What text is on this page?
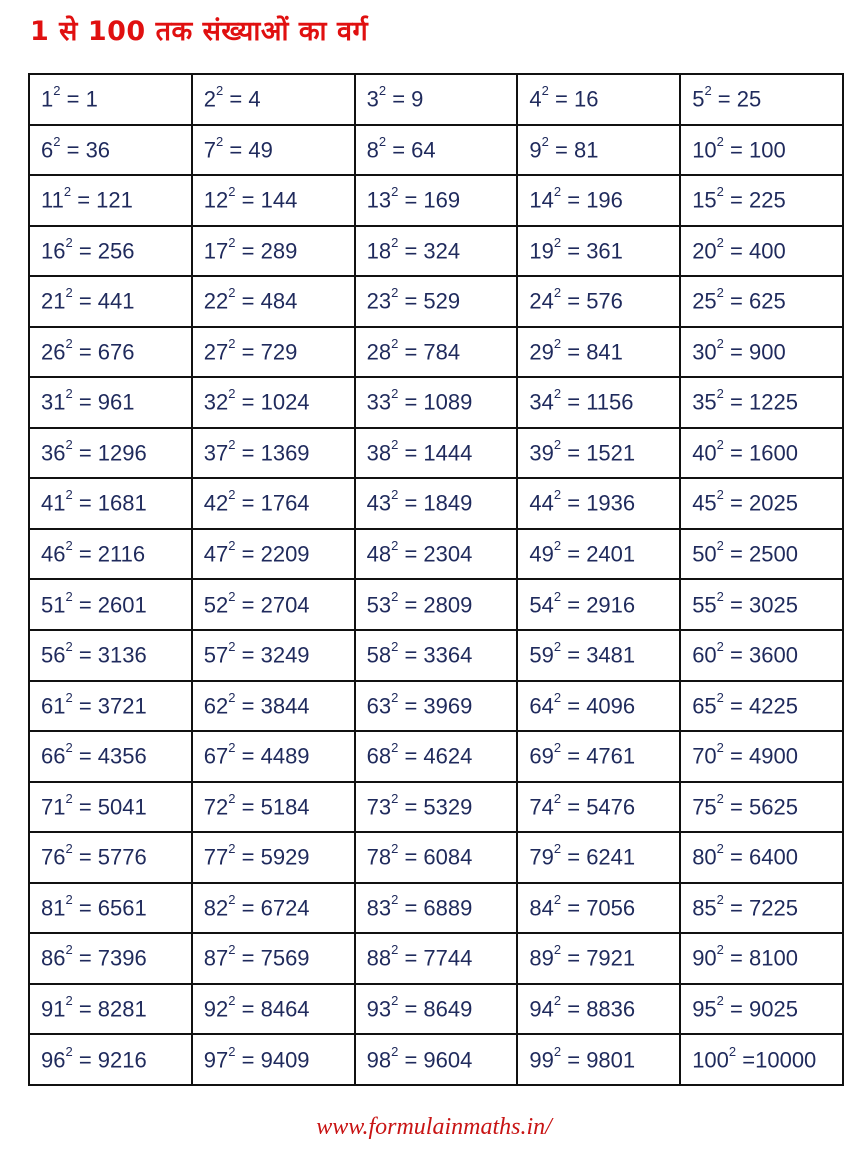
1 से 100 तक संख्याओं का वर्ग
$1^2 = 1$	$2^2 = 4$	$3^2 = 9$	$4^2 = 16$	$5^2 = 25$
$6^2 = 36$	$7^2 = 49$	$8^2 = 64$	$9^2 = 81$	$10^2 = 100$
$11^2 = 121$	$12^2 = 144$	$13^2 = 169$	$14^2 = 196$	$15^2 = 225$
$16^2 = 256$	$17^2 = 289$	$18^2 = 324$	$19^2 = 361$	$20^2 = 400$
$21^2 = 441$	$22^2 = 484$	$23^2 = 529$	$24^2 = 576$	$25^2 = 625$
$26^2 = 676$	$27^2 = 729$	$28^2 = 784$	$29^2 = 841$	$30^2 = 900$
$31^2 = 961$	$32^2 = 1024$	$33^2 = 1089$	$34^2 = 1156$	$35^2 = 1225$
$36^2 = 1296$	$37^2 = 1369$	$38^2 = 1444$	$39^2 = 1521$	$40^2 = 1600$
$41^2 = 1681$	$42^2 = 1764$	$43^2 = 1849$	$44^2 = 1936$	$45^2 = 2025$
$46^2 = 2116$	$47^2 = 2209$	$48^2 = 2304$	$49^2 = 2401$	$50^2 = 2500$
$51^2 = 2601$	$52^2 = 2704$	$53^2 = 2809$	$54^2 = 2916$	$55^2 = 3025$
$56^2 = 3136$	$57^2 = 3249$	$58^2 = 3364$	$59^2 = 3481$	$60^2 = 3600$
$61^2 = 3721$	$62^2 = 3844$	$63^2 = 3969$	$64^2 = 4096$	$65^2 = 4225$
$66^2 = 4356$	$67^2 = 4489$	$68^2 = 4624$	$69^2 = 4761$	$70^2 = 4900$
$71^2 = 5041$	$72^2 = 5184$	$73^2 = 5329$	$74^2 = 5476$	$75^2 = 5625$
$76^2 = 5776$	$77^2 = 5929$	$78^2 = 6084$	$79^2 = 6241$	$80^2 = 6400$
$81^2 = 6561$	$82^2 = 6724$	$83^2 = 6889$	$84^2 = 7056$	$85^2 = 7225$
$86^2 = 7396$	$87^2 = 7569$	$88^2 = 7744$	$89^2 = 7921$	$90^2 = 8100$
$91^2 = 8281$	$92^2 = 8464$	$93^2 = 8649$	$94^2 = 8836$	$95^2 = 9025$
$96^2 = 9216$	$97^2 = 9409$	$98^2 = 9604$	$99^2 = 9801$	$100^2 =10000$
www.formulainmaths.in/
